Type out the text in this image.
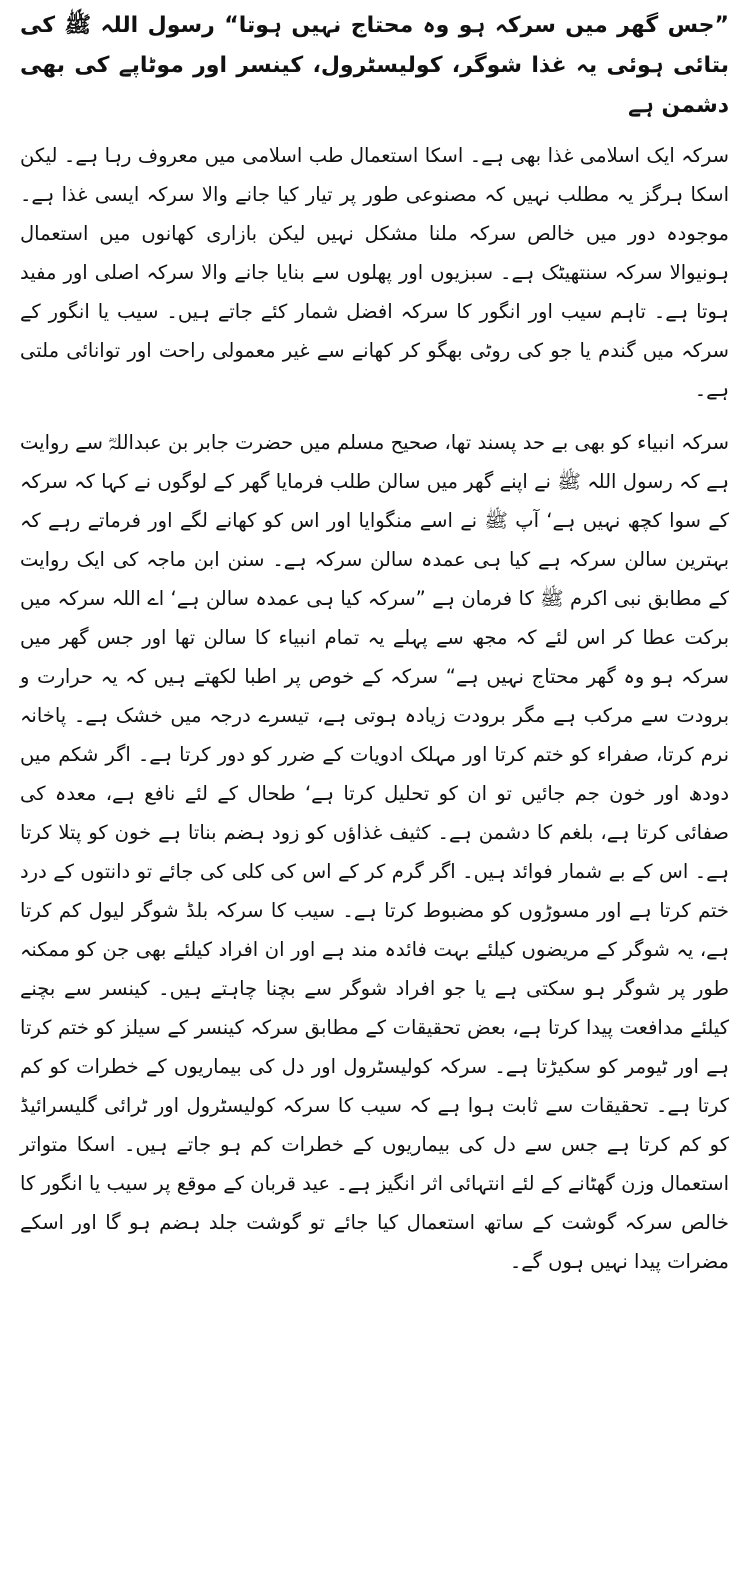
”جس گھر میں سرکہ ہو وہ محتاج نہیں ہوتا“ رسول اللہ ﷺ کی بتائی ہوئی یہ غذا شوگر، کولیسٹرول، کینسر اور موٹاپے کی بھی دشمن ہے

سرکہ ایک اسلامی غذا بھی ہے۔ اسکا استعمال طب اسلامی میں معروف رہا ہے۔ لیکن اسکا ہرگز یہ مطلب نہیں کہ مصنوعی طور پر تیار کیا جانے والا سرکہ ایسی غذا ہے۔ موجودہ دور میں خالص سرکہ ملنا مشکل نہیں لیکن بازاری کھانوں میں استعمال ہونیوالا سرکہ سنتھیٹک ہے۔ سبزیوں اور پھلوں سے بنایا جانے والا سرکہ اصلی اور مفید ہوتا ہے۔ تاہم سیب اور انگور کا سرکہ افضل شمار کئے جاتے ہیں۔ سیب یا انگور کے سرکہ میں گندم یا جو کی روٹی بھگو کر کھانے سے غیر معمولی راحت اور توانائی ملتی ہے۔

سرکہ انبیاء کو بھی بے حد پسند تھا، صحیح مسلم میں حضرت جابر بن عبداللہؓ سے روایت ہے کہ رسول اللہ ﷺ نے اپنے گھر میں سالن طلب فرمایا گھر کے لوگوں نے کہا کہ سرکہ کے سوا کچھ نہیں ہے‘ آپ ﷺ نے اسے منگوایا اور اس کو کھانے لگے اور فرماتے رہے کہ بہترین سالن سرکہ ہے کیا ہی عمدہ سالن سرکہ ہے۔ سنن ابن ماجہ کی ایک روایت کے مطابق نبی اکرم ﷺ کا فرمان ہے ”سرکہ کیا ہی عمدہ سالن ہے‘ اے اللہ سرکہ میں برکت عطا کر اس لئے کہ مجھ سے پہلے یہ تمام انبیاء کا سالن تھا اور جس گھر میں سرکہ ہو وہ گھر محتاج نہیں ہے“ سرکہ کے خوص پر اطبا لکھتے ہیں کہ یہ حرارت و برودت سے مرکب ہے مگر برودت زیادہ ہوتی ہے، تیسرے درجہ میں خشک ہے۔ پاخانہ نرم کرتا، صفراء کو ختم کرتا اور مہلک ادویات کے ضرر کو دور کرتا ہے۔ اگر شکم میں دودھ اور خون جم جائیں تو ان کو تحلیل کرتا ہے‘ طحال کے لئے نافع ہے، معدہ کی صفائی کرتا ہے، بلغم کا دشمن ہے۔ کثیف غذاؤں کو زود ہضم بناتا ہے خون کو پتلا کرتا ہے۔ اس کے بے شمار فوائد ہیں۔ اگر گرم کر کے اس کی کلی کی جائے تو دانتوں کے درد ختم کرتا ہے اور مسوڑوں کو مضبوط کرتا ہے۔ سیب کا سرکہ بلڈ شوگر لیول کم کرتا ہے، یہ شوگر کے مریضوں کیلئے بہت فائدہ مند ہے اور ان افراد کیلئے بھی جن کو ممکنہ طور پر شوگر ہو سکتی ہے یا جو افراد شوگر سے بچنا چاہتے ہیں۔ کینسر سے بچنے کیلئے مدافعت پیدا کرتا ہے، بعض تحقیقات کے مطابق سرکہ کینسر کے سیلز کو ختم کرتا ہے اور ٹیومر کو سکیڑتا ہے۔ سرکہ کولیسٹرول اور دل کی بیماریوں کے خطرات کو کم کرتا ہے۔ تحقیقات سے ثابت ہوا ہے کہ سیب کا سرکہ کولیسٹرول اور ٹرائی گلیسرائیڈ کو کم کرتا ہے جس سے دل کی بیماریوں کے خطرات کم ہو جاتے ہیں۔ اسکا متواتر استعمال وزن گھٹانے کے لئے انتہائی اثر انگیز ہے۔ عید قربان کے موقع پر سیب یا انگور کا خالص سرکہ گوشت کے ساتھ استعمال کیا جائے تو گوشت جلد ہضم ہو گا اور اسکے مضرات پیدا نہیں ہوں گے۔
